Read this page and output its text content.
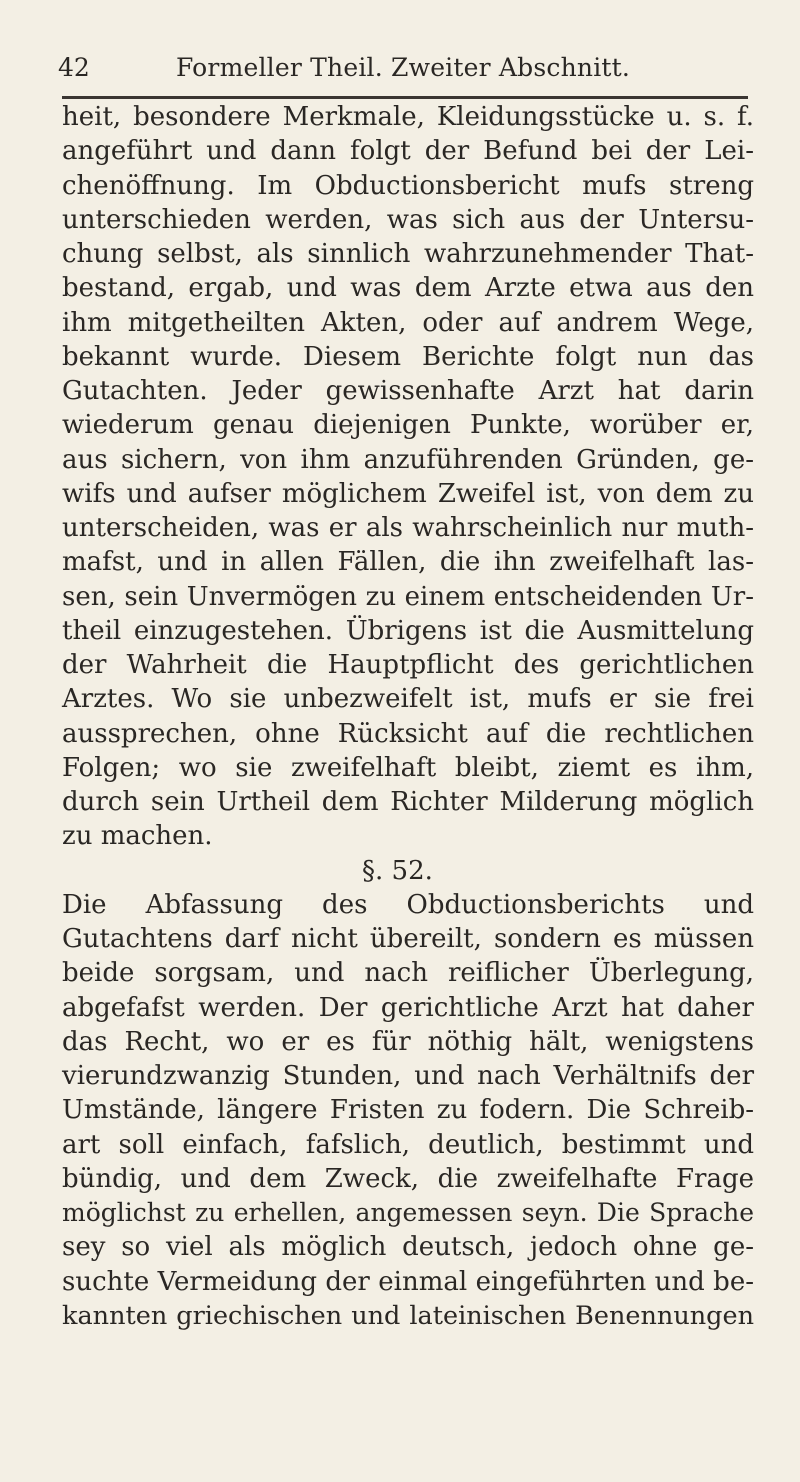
42	Formeller Theil. Zweiter Abschnitt.
heit, besondere Merkmale, Kleidungsstücke u. s. f.
angeführt und dann folgt der Befund bei der Lei-
chenöffnung. Im Obductionsbericht mufs streng
unterschieden werden, was sich aus der Untersu-
chung selbst, als sinnlich wahrzunehmender That-
bestand, ergab, und was dem Arzte etwa aus den
ihm mitgetheilten Akten, oder auf andrem Wege,
bekannt wurde. Diesem Berichte folgt nun das
Gutachten. Jeder gewissenhafte Arzt hat darin
wiederum genau diejenigen Punkte, worüber er,
aus sichern, von ihm anzuführenden Gründen, ge-
wifs und aufser möglichem Zweifel ist, von dem zu
unterscheiden, was er als wahrscheinlich nur muth-
mafst, und in allen Fällen, die ihn zweifelhaft las-
sen, sein Unvermögen zu einem entscheidenden Ur-
theil einzugestehen. Übrigens ist die Ausmittelung
der Wahrheit die Hauptpflicht des gerichtlichen
Arztes. Wo sie unbezweifelt ist, mufs er sie frei
aussprechen, ohne Rücksicht auf die rechtlichen
Folgen; wo sie zweifelhaft bleibt, ziemt es ihm,
durch sein Urtheil dem Richter Milderung möglich
zu machen.
§. 52.
Die Abfassung des Obductionsberichts und
Gutachtens darf nicht übereilt, sondern es müssen
beide sorgsam, und nach reiflicher Überlegung,
abgefafst werden. Der gerichtliche Arzt hat daher
das Recht, wo er es für nöthig hält, wenigstens
vierundzwanzig Stunden, und nach Verhältnifs der
Umstände, längere Fristen zu fodern. Die Schreib-
art soll einfach, fafslich, deutlich, bestimmt und
bündig, und dem Zweck, die zweifelhafte Frage
möglichst zu erhellen, angemessen seyn. Die Sprache
sey so viel als möglich deutsch, jedoch ohne ge-
suchte Vermeidung der einmal eingeführten und be-
kannten griechischen und lateinischen Benennungen
